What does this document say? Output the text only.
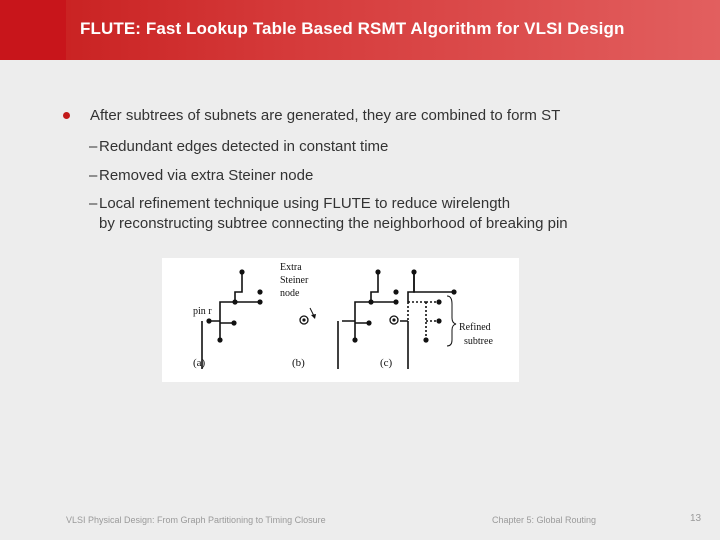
FLUTE: Fast Lookup Table Based RSMT Algorithm for VLSI Design
After subtrees of subnets are generated, they are combined to form ST
– Redundant edges detected in constant time
– Removed via extra Steiner node
– Local refinement technique using FLUTE to reduce wirelength
by reconstructing subtree connecting the neighborhood of breaking pin
pin r
Extra
Steiner
node
Refined
subtree
(a)	(b)	(c)
VLSI Physical Design: From Graph Partitioning to Timing Closure	Chapter 5: Global Routing	13
